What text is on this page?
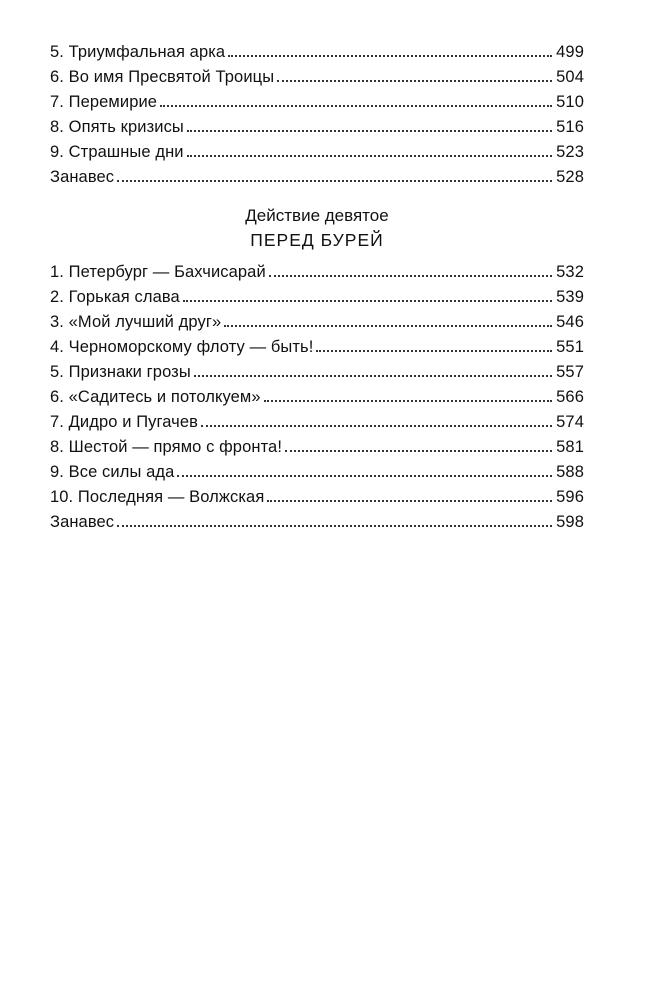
5. Триумфальная арка	499
6. Во имя Пресвятой Троицы	504
7. Перемирие	510
8. Опять кризисы	516
9. Страшные дни	523
Занавес	528
Действие девятое
ПЕРЕД БУРЕЙ
1. Петербург — Бахчисарай	532
2. Горькая слава	539
3. «Мой лучший друг»	546
4. Черноморскому флоту — быть!	551
5. Признаки грозы	557
6. «Садитесь и потолкуем»	566
7. Дидро и Пугачев	574
8. Шестой — прямо с фронта!	581
9. Все силы ада	588
10. Последняя — Волжская	596
Занавес	598
